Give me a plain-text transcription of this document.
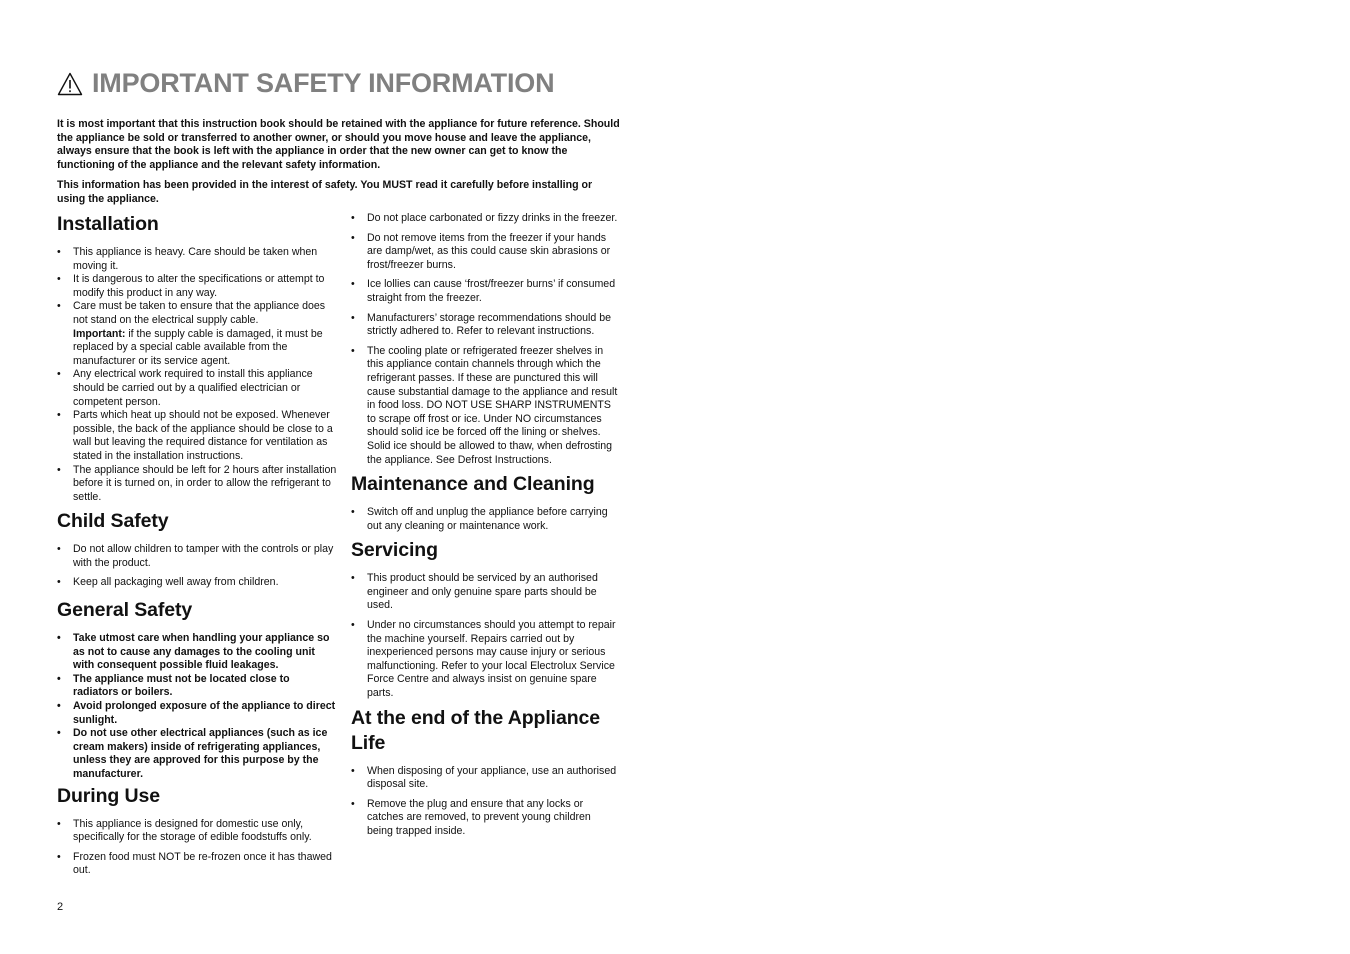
IMPORTANT SAFETY INFORMATION

It is most important that this instruction book should be retained with the appliance for future reference. Should the appliance be sold or transferred to another owner, or should you move house and leave the appliance, always ensure that the book is left with the appliance in order that the new owner can get to know the functioning of the appliance and the relevant safety information.

This information has been provided in the interest of safety. You MUST read it carefully before installing or using the appliance.

Installation
• This appliance is heavy. Care should be taken when moving it.
• It is dangerous to alter the specifications or attempt to modify this product in any way.
• Care must be taken to ensure that the appliance does not stand on the electrical supply cable.
Important: if the supply cable is damaged, it must be replaced by a special cable available from the manufacturer or its service agent.
• Any electrical work required to install this appliance should be carried out by a qualified electrician or competent person.
• Parts which heat up should not be exposed. Whenever possible, the back of the appliance should be close to a wall but leaving the required distance for ventilation as stated in the installation instructions.
• The appliance should be left for 2 hours after installation before it is turned on, in order to allow the refrigerant to settle.
Child Safety
• Do not allow children to tamper with the controls or play with the product.
• Keep all packaging well away from children.
General Safety
• Take utmost care when handling your appliance so as not to cause any damages to the cooling unit with consequent possible fluid leakages.
• The appliance must not be located close to radiators or boilers.
• Avoid prolonged exposure of the appliance to direct sunlight.
• Do not use other electrical appliances (such as ice cream makers) inside of refrigerating appliances, unless they are approved for this purpose by the manufacturer.
During Use
• This appliance is designed for domestic use only, specifically for the storage of edible foodstuffs only.
• Frozen food must NOT be re-frozen once it has thawed out.
• Do not place carbonated or fizzy drinks in the freezer.
• Do not remove items from the freezer if your hands are damp/wet, as this could cause skin abrasions or frost/freezer burns.
• Ice lollies can cause ‘frost/freezer burns’ if consumed straight from the freezer.
• Manufacturers’ storage recommendations should be strictly adhered to. Refer to relevant instructions.
• The cooling plate or refrigerated freezer shelves in this appliance contain channels through which the refrigerant passes. If these are punctured this will cause substantial damage to the appliance and result in food loss. DO NOT USE SHARP INSTRUMENTS to scrape off frost or ice. Under NO circumstances should solid ice be forced off the lining or shelves. Solid ice should be allowed to thaw, when defrosting the appliance. See Defrost Instructions.
Maintenance and Cleaning
• Switch off and unplug the appliance before carrying out any cleaning or maintenance work.
Servicing
• This product should be serviced by an authorised engineer and only genuine spare parts should be used.
• Under no circumstances should you attempt to repair the machine yourself. Repairs carried out by inexperienced persons may cause injury or serious malfunctioning. Refer to your local Electrolux Service Force Centre and always insist on genuine spare parts.
At the end of the Appliance Life
• When disposing of your appliance, use an authorised disposal site.
• Remove the plug and ensure that any locks or catches are removed, to prevent young children being trapped inside.
2
